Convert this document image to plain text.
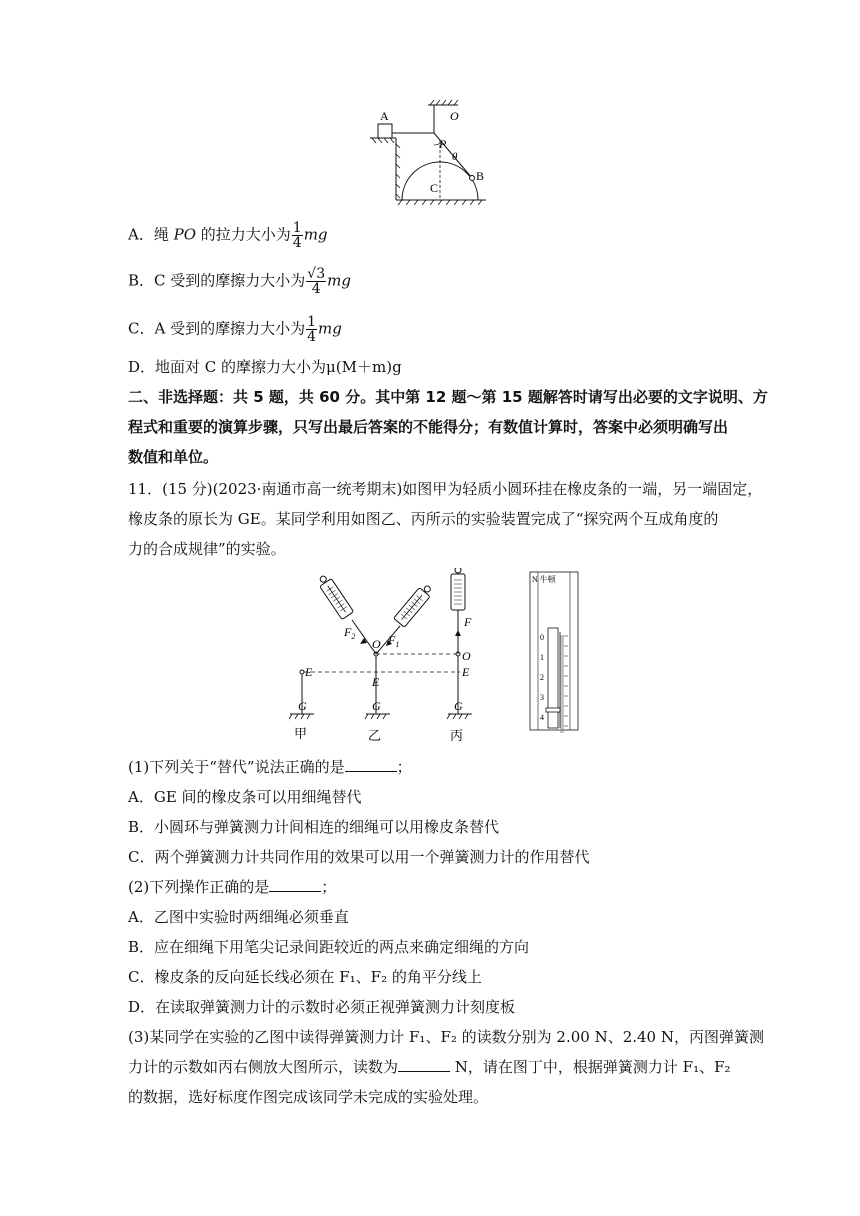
A	O
P
θ
B
C
A．绳 PO 的拉力大小为 $\frac{1}{4}$ mg
B．C 受到的摩擦力大小为 $\frac{√3}{4}$ mg
C．A 受到的摩擦力大小为 $\frac{1}{4}$ mg
D．地面对 C 的摩擦力大小为μ(M＋m)g
二、非选择题：共 5 题，共 60 分。其中第 12 题～第 15 题解答时请写出必要的文字说明、方
程式和重要的演算步骤，只写出最后答案的不能得分；有数值计算时，答案中必须明确写出
数值和单位。
11．(15 分)(2023·南通市高一统考期末)如图甲为轻质小圆环挂在橡皮条的一端，另一端固定，
橡皮条的原长为 GE。某同学利用如图乙、丙所示的实验装置完成了“探究两个互成角度的
力的合成规律”的实验。
$F_2$	$F_1$
F
O
O
E
E
E
G	G	G
甲	乙	丙
N 牛顿
0
1
2
3
4
(1)下列关于“替代”说法正确的是	；
A．GE 间的橡皮条可以用细绳替代
B．小圆环与弹簧测力计间相连的细绳可以用橡皮条替代
C．两个弹簧测力计共同作用的效果可以用一个弹簧测力计的作用替代
(2)下列操作正确的是	；
A．乙图中实验时两细绳必须垂直
B．应在细绳下用笔尖记录间距较近的两点来确定细绳的方向
C．橡皮条的反向延长线必须在 F₁、F₂ 的角平分线上
D．在读取弹簧测力计的示数时必须正视弹簧测力计刻度板
(3)某同学在实验的乙图中读得弹簧测力计 F₁、F₂ 的读数分别为 2.00 N、2.40 N，丙图弹簧测
力计的示数如丙右侧放大图所示，读数为	N，请在图丁中，根据弹簧测力计 F₁、F₂
的数据，选好标度作图完成该同学未完成的实验处理。
